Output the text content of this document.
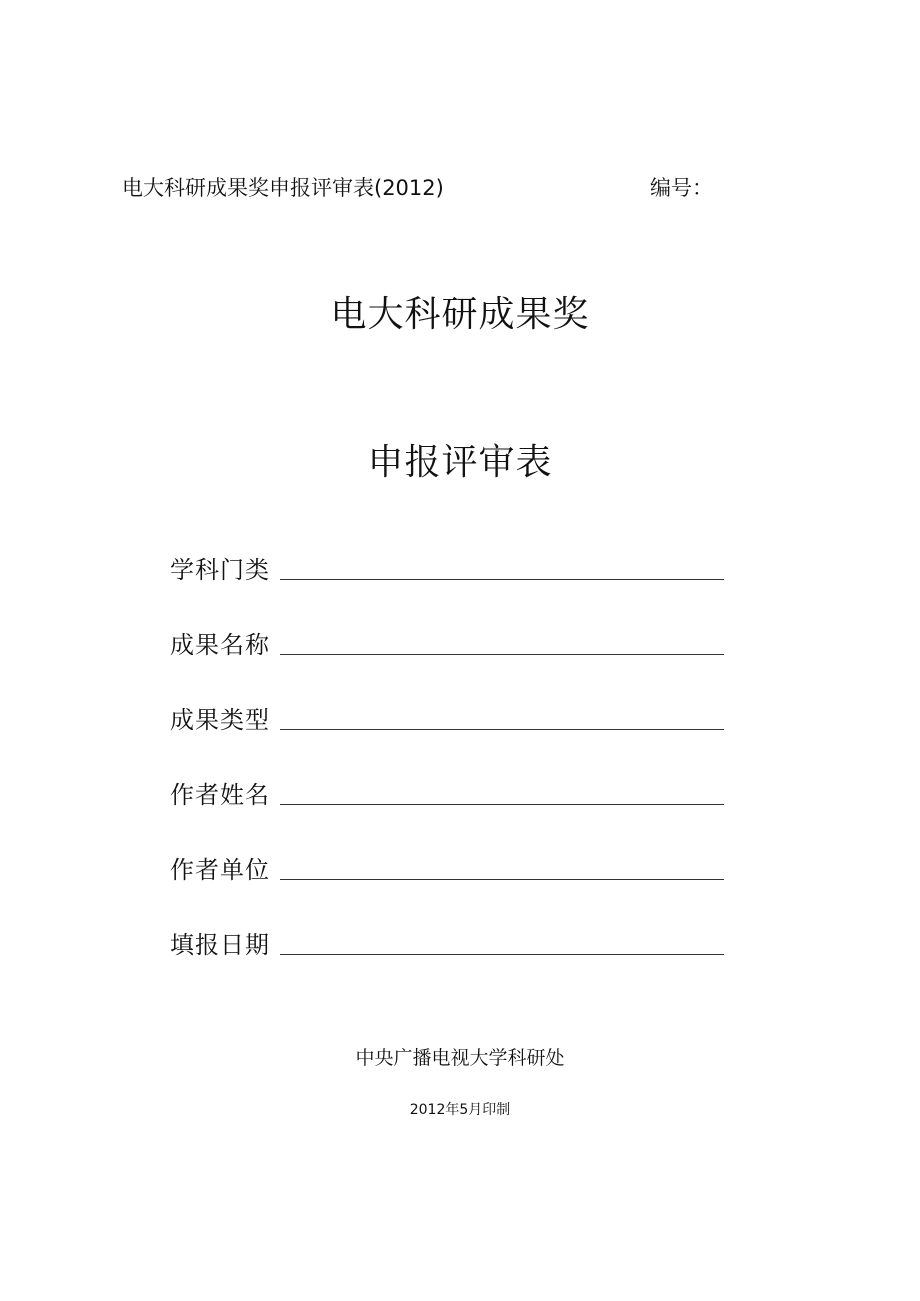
电大科研成果奖申报评审表(2012)	编号：
电大科研成果奖
申报评审表
学科门类
成果名称
成果类型
作者姓名
作者单位
填报日期
中央广播电视大学科研处
2012年5月印制
